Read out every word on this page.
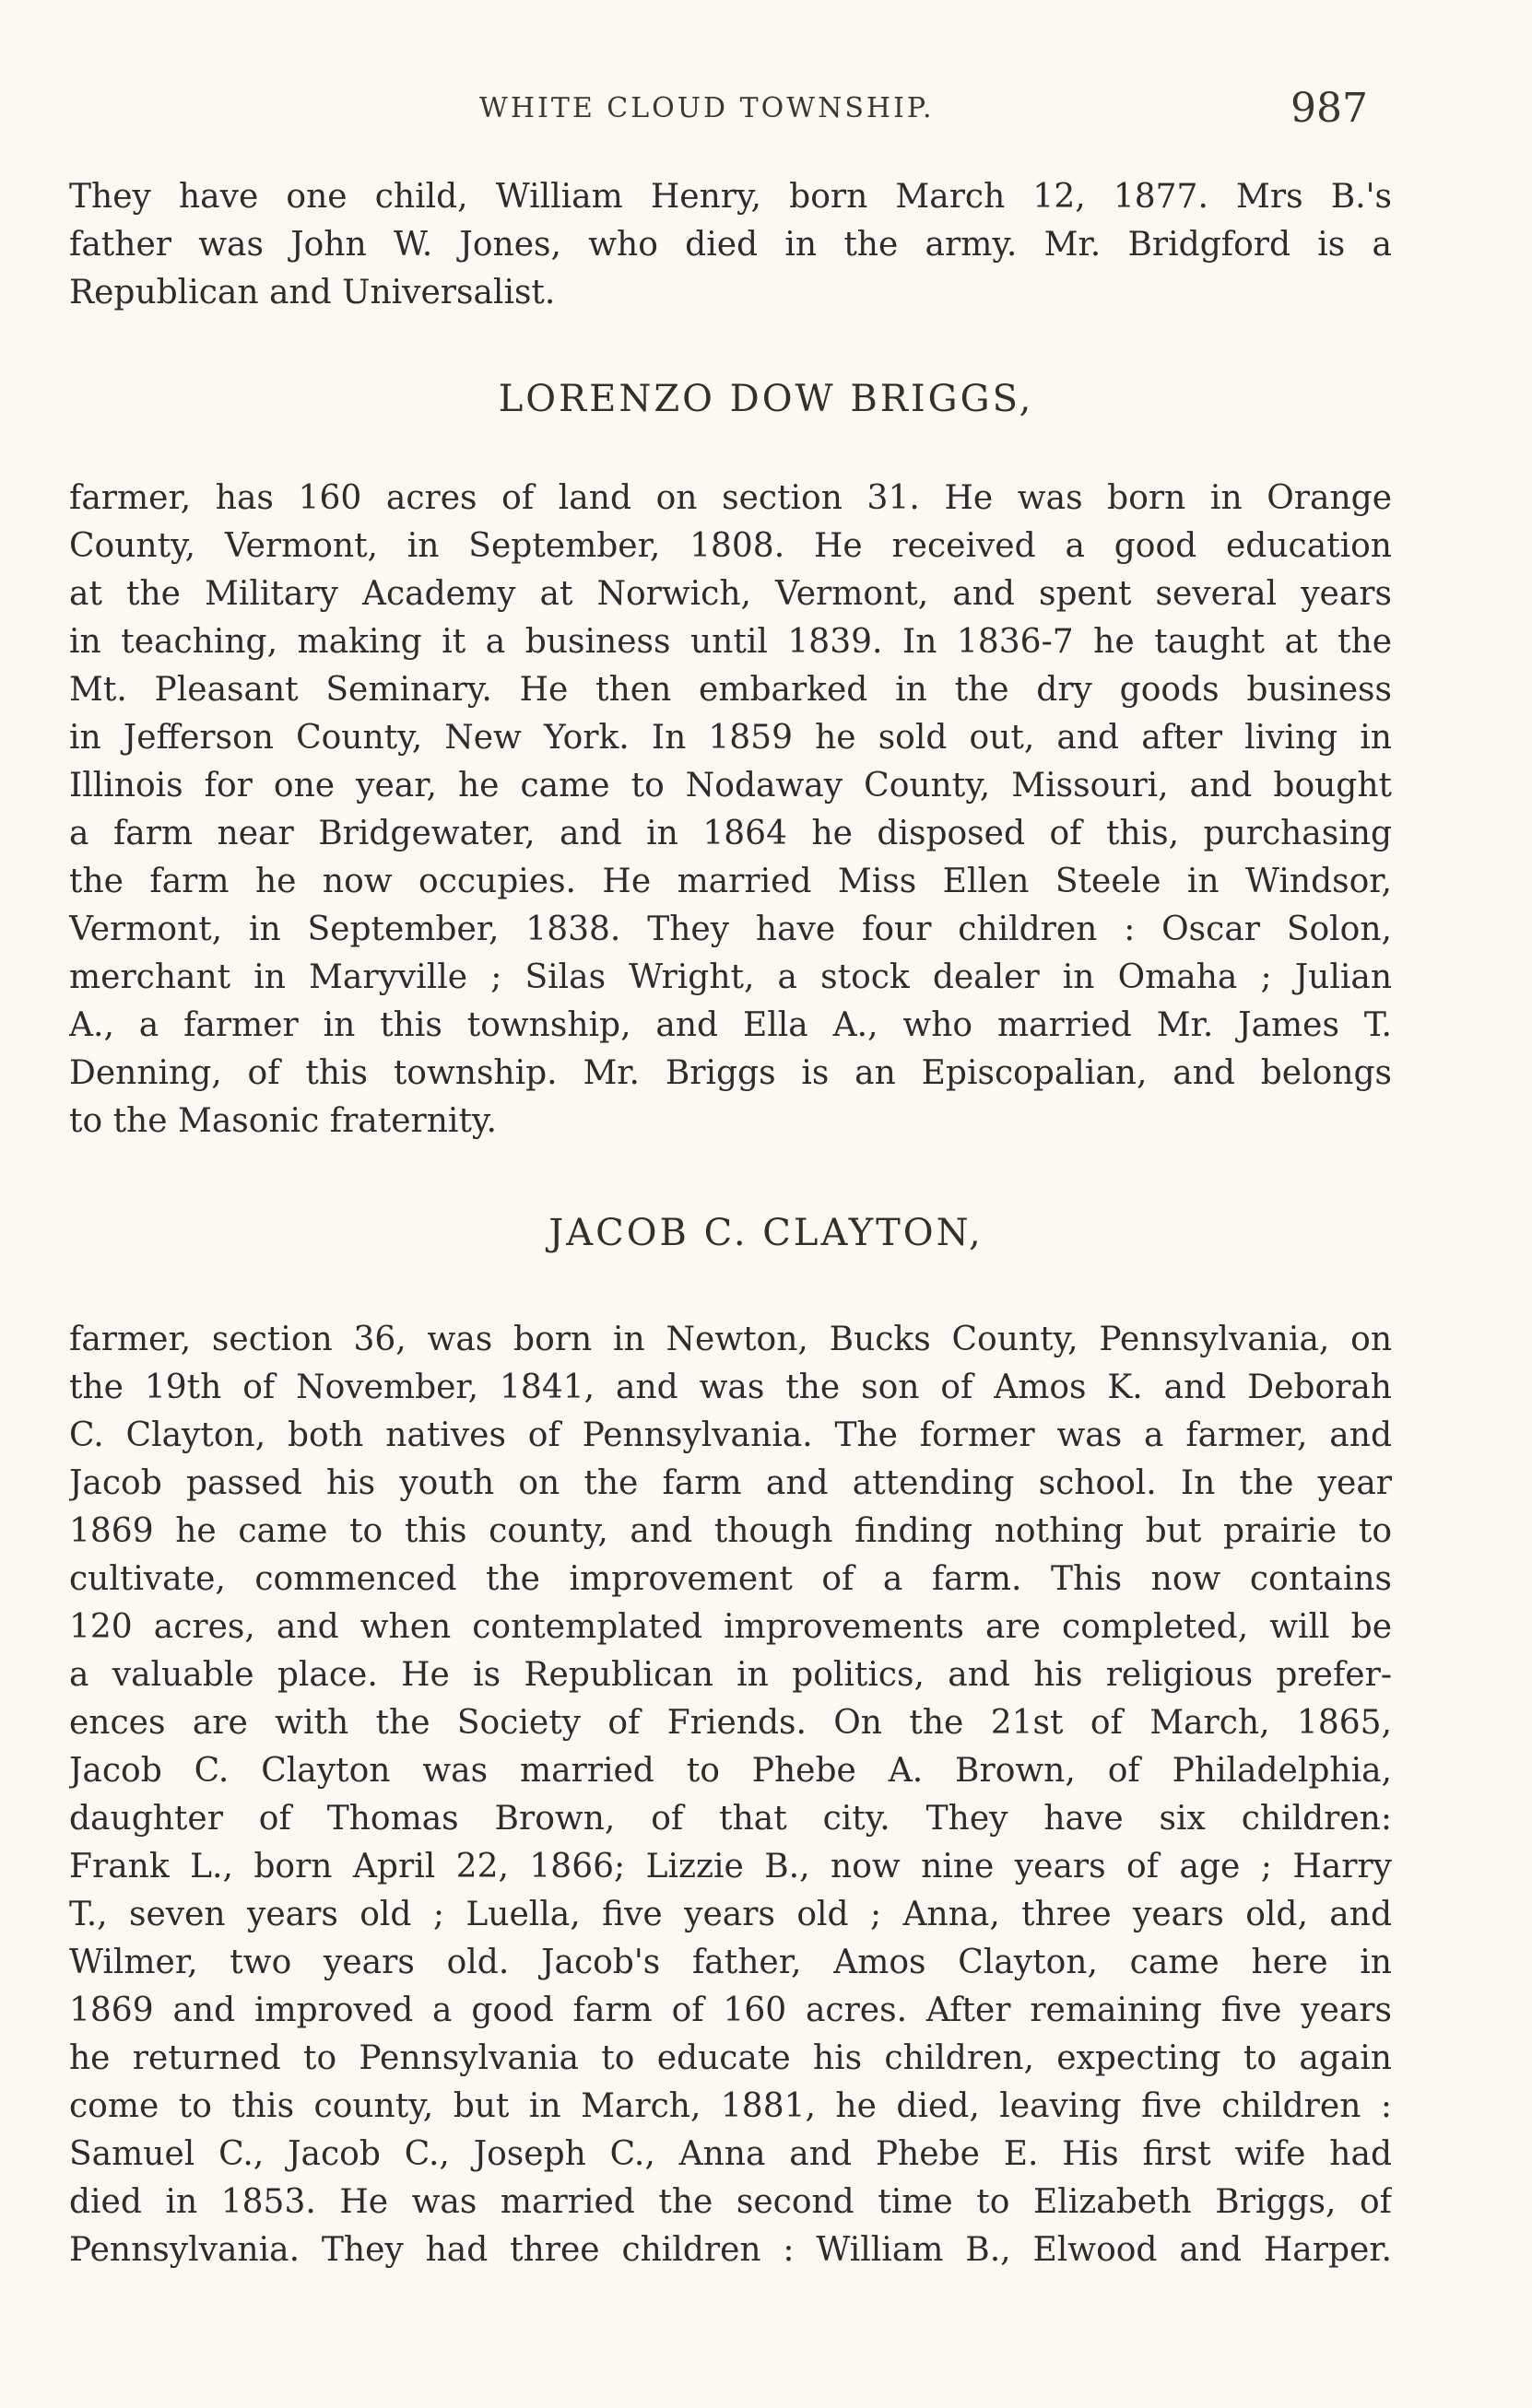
WHITE CLOUD TOWNSHIP.	987
They have one child, William Henry, born March 12, 1877. Mrs B.'s
father was John W. Jones, who died in the army. Mr. Bridgford is a
Republican and Universalist.
LORENZO DOW BRIGGS,
farmer, has 160 acres of land on section 31. He was born in Orange
County, Vermont, in September, 1808. He received a good education
at the Military Academy at Norwich, Vermont, and spent several years
in teaching, making it a business until 1839. In 1836-7 he taught at the
Mt. Pleasant Seminary. He then embarked in the dry goods business
in Jefferson County, New York. In 1859 he sold out, and after living in
Illinois for one year, he came to Nodaway County, Missouri, and bought
a farm near Bridgewater, and in 1864 he disposed of this, purchasing
the farm he now occupies. He married Miss Ellen Steele in Windsor,
Vermont, in September, 1838. They have four children : Oscar Solon,
merchant in Maryville ; Silas Wright, a stock dealer in Omaha ; Julian
A., a farmer in this township, and Ella A., who married Mr. James T.
Denning, of this township. Mr. Briggs is an Episcopalian, and belongs
to the Masonic fraternity.
JACOB C. CLAYTON,
farmer, section 36, was born in Newton, Bucks County, Pennsylvania, on
the 19th of November, 1841, and was the son of Amos K. and Deborah
C. Clayton, both natives of Pennsylvania. The former was a farmer, and
Jacob passed his youth on the farm and attending school. In the year
1869 he came to this county, and though finding nothing but prairie to
cultivate, commenced the improvement of a farm. This now contains
120 acres, and when contemplated improvements are completed, will be
a valuable place. He is Republican in politics, and his religious prefer-
ences are with the Society of Friends. On the 21st of March, 1865,
Jacob C. Clayton was married to Phebe A. Brown, of Philadelphia,
daughter of Thomas Brown, of that city. They have six children:
Frank L., born April 22, 1866; Lizzie B., now nine years of age ; Harry
T., seven years old ; Luella, five years old ; Anna, three years old, and
Wilmer, two years old. Jacob's father, Amos Clayton, came here in
1869 and improved a good farm of 160 acres. After remaining five years
he returned to Pennsylvania to educate his children, expecting to again
come to this county, but in March, 1881, he died, leaving five children :
Samuel C., Jacob C., Joseph C., Anna and Phebe E. His first wife had
died in 1853. He was married the second time to Elizabeth Briggs, of
Pennsylvania. They had three children : William B., Elwood and Harper.
